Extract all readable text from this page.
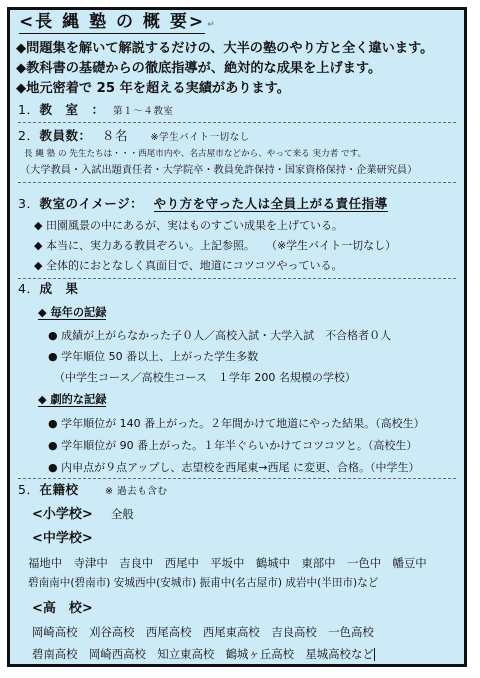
<長 縄 塾 の 概 要> ↵
◆問題集を解いて解説するだけの、大半の塾のやり方と全く違います。
◆教科書の基礎からの徹底指導が、絶対的な成果を上げます。
◆地元密着で 25 年を超える実績があります。
1．教　室　： 第１〜４教室
2．教員数： ８名 ※学生バイト一切なし
長 縄 塾 の 先生たちは・・・西尾市内や、名古屋市などから、やって来る 実力者 です。
（大学教員・入試出題責任者・大学院卒・教員免許保持・国家資格保持・企業研究員）
3．教室のイメージ： やり方を守った人は全員上がる責任指導
◆ 田園風景の中にあるが、実はものすごい成果を上げている。
◆ 本当に、実力ある教員ぞろい。上記参照。　　（※学生バイト一切なし）
◆ 全体的におとなしく真面目で、地道にコツコツやっている。
4．成　果
◆ 毎年の記録
● 成績が上がらなかった子０人／高校入試・大学入試　不合格者０人
● 学年順位 50 番以上、上がった学生多数
（中学生コース／高校生コース　１学年 200 名規模の学校）
◆ 劇的な記録
● 学年順位が 140 番上がった。２年間かけて地道にやった結果。（高校生）
● 学年順位が 90 番上がった。１年半ぐらいかけてコツコツと。（高校生）
● 内申点が９点アップし、志望校を西尾東→西尾 に変更、合格。（中学生）
5．在籍校	※ 過去も含む
<小学校> 全般
<中学校>
福地中　寺津中　吉良中　西尾中　平坂中　鶴城中　東部中　一色中　幡豆中
碧南南中(碧南市) 安城西中(安城市) 振甫中(名古屋市) 成岩中(半田市)など
<高　校>
岡崎高校　刈谷高校　西尾高校　西尾東高校　吉良高校　一色高校
碧南高校　岡崎西高校　知立東高校　鶴城ヶ丘高校　星城高校など
